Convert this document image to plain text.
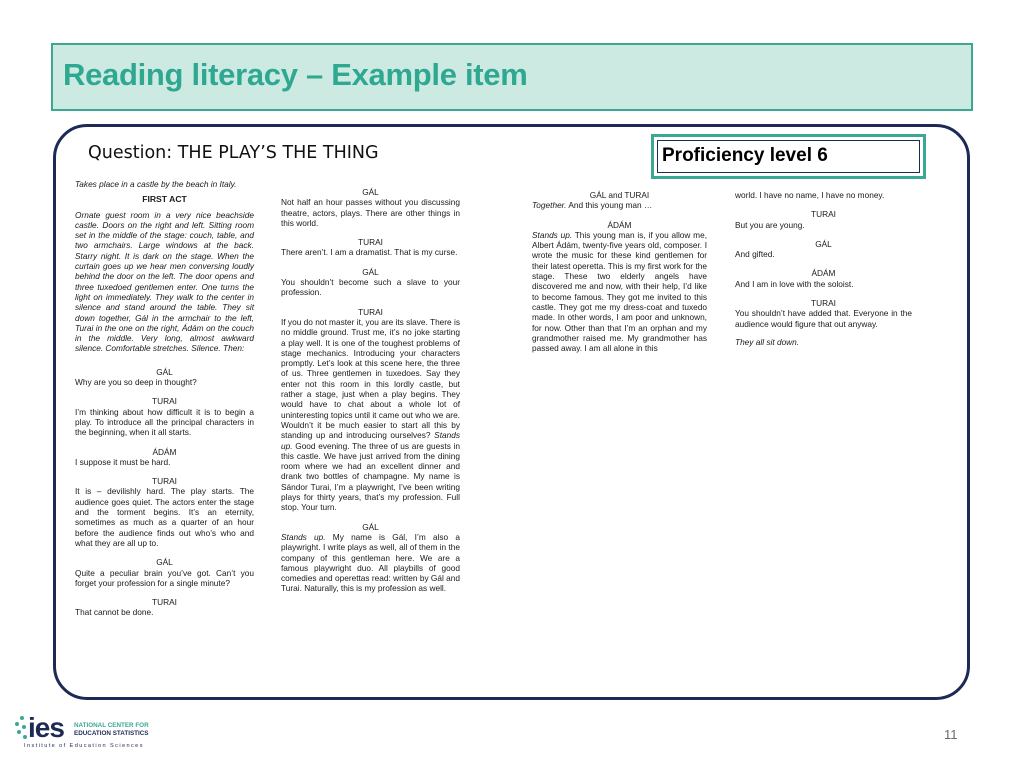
Reading literacy – Example item
Question: THE PLAY’S THE THING	Proficiency level 6

Takes place in a castle by the beach in Italy.

FIRST ACT

Ornate guest room in a very nice beachside castle. Doors on the right and left. Sitting room set in the middle of the stage: couch, table, and two armchairs. Large windows at the back. Starry night. It is dark on the stage. When the curtain goes up we hear men conversing loudly behind the door on the left. The door opens and three tuxedoed gentlemen enter. One turns the light on immediately. They walk to the center in silence and stand around the table. They sit down together, Gál in the armchair to the left, Turai in the one on the right, Ádám on the couch in the middle. Very long, almost awkward silence. Comfortable stretches. Silence. Then:

GÁL

Why are you so deep in thought?

TURAI

I’m thinking about how difficult it is to begin a play. To introduce all the principal characters in the beginning, when it all starts.

ÁDÁM

I suppose it must be hard.

TURAI

It is – devilishly hard. The play starts. The audience goes quiet. The actors enter the stage and the torment begins. It’s an eternity, sometimes as much as a quarter of an hour before the audience finds out who’s who and what they are all up to.

GÁL

Quite a peculiar brain you’ve got. Can’t you forget your profession for a single minute?

TURAI

That cannot be done.

GÁL

Not half an hour passes without you discussing theatre, actors, plays. There are other things in this world.

TURAI

There aren’t. I am a dramatist. That is my curse.

GÁL

You shouldn’t become such a slave to your profession.

TURAI

If you do not master it, you are its slave. There is no middle ground. Trust me, it’s no joke starting a play well. It is one of the toughest problems of stage mechanics. Introducing your characters promptly. Let’s look at this scene here, the three of us. Three gentlemen in tuxedoes. Say they enter not this room in this lordly castle, but rather a stage, just when a play begins. They would have to chat about a whole lot of uninteresting topics until it came out who we are. Wouldn’t it be much easier to start all this by standing up and introducing ourselves? Stands up. Good evening. The three of us are guests in this castle. We have just arrived from the dining room where we had an excellent dinner and drank two bottles of champagne. My name is Sándor Turai, I’m a playwright, I’ve been writing plays for thirty years, that’s my profession. Full stop. Your turn.

GÁL

Stands up. My name is Gál, I’m also a playwright. I write plays as well, all of them in the company of this gentleman here. We are a famous playwright duo. All playbills of good comedies and operettas read: written by Gál and Turai. Naturally, this is my profession as well.

GÁL and TURAI

Together. And this young man …

ÁDÁM

Stands up. This young man is, if you allow me, Albert Ádám, twenty-five years old, composer. I wrote the music for these kind gentlemen for their latest operetta. This is my first work for the stage. These two elderly angels have discovered me and now, with their help, I’d like to become famous. They got me invited to this castle. They got me my dress-coat and tuxedo made. In other words, I am poor and unknown, for now. Other than that I’m an orphan and my grandmother raised me. My grandmother has passed away. I am all alone in this

world. I have no name, I have no money.

TURAI

But you are young.

GÁL

And gifted.

ÁDÁM

And I am in love with the soloist.

TURAI

You shouldn’t have added that. Everyone in the audience would figure that out anyway.

They all sit down.

ies NATIONAL CENTER FOR
EDUCATION STATISTICS
Institute of Education Sciences
11
